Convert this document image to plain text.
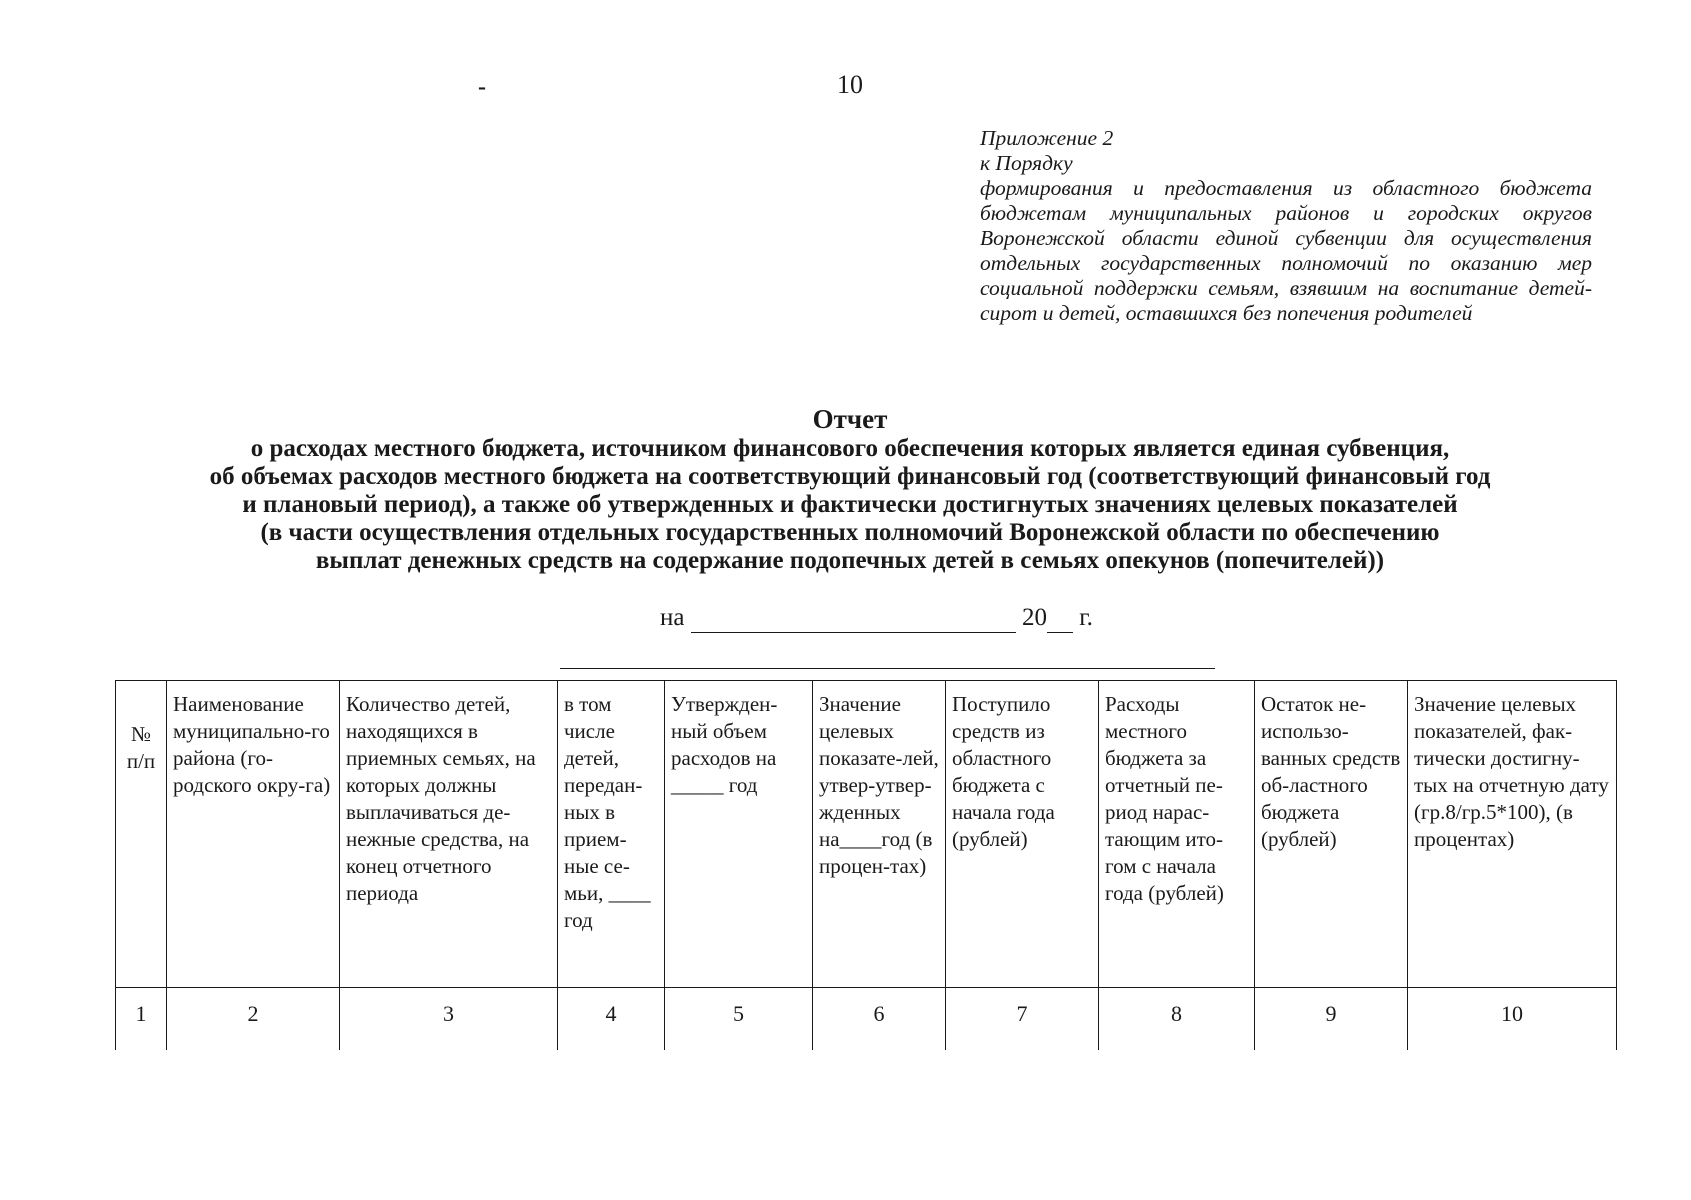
-	10
Приложение 2
к Порядку
формирования и предоставления из областного бюджета бюджетам муниципальных районов и городских округов Воронежской области единой субвенции для осуществления отдельных государственных полномочий по оказанию мер социальной поддержки семьям, взявшим на воспитание детей-сирот и детей, оставшихся без попечения родителей
Отчет
о расходах местного бюджета, источником финансового обеспечения которых является единая субвенция,
об объемах расходов местного бюджета на соответствующий финансовый год (соответствующий финансовый год
и плановый период), а также об утвержденных и фактически достигнутых значениях целевых показателей
(в части осуществления отдельных государственных полномочий Воронежской области по обеспечению
выплат денежных средств на содержание подопечных детей в семьях опекунов (попечителей))
на	20 г.
№ п/п	Наименование муниципально-го района (го-родского окру-га)	Количество детей, находящихся в приемных семьях, на которых должны выплачиваться де-нежные средства, на конец отчетного периода	в том числе детей, передан-ных в прием-ные се-мьи, ____ год	Утвержден-ный объем расходов на _____ год	Значение целевых показате-лей, утвер-утвер-жденных на____год (в процен-тах)	Поступило средств из областного бюджета с начала года (рублей)	Расходы местного бюджета за отчетный пе-риод нарас-тающим ито-гом с начала года (рублей)	Остаток не-использо-ванных средств об-ластного бюджета (рублей)	Значение целевых показателей, фак-тически достигну-тых на отчетную дату (гр.8/гр.5*100), (в процентах)
1	2	3	4	5	6	7	8	9	10
